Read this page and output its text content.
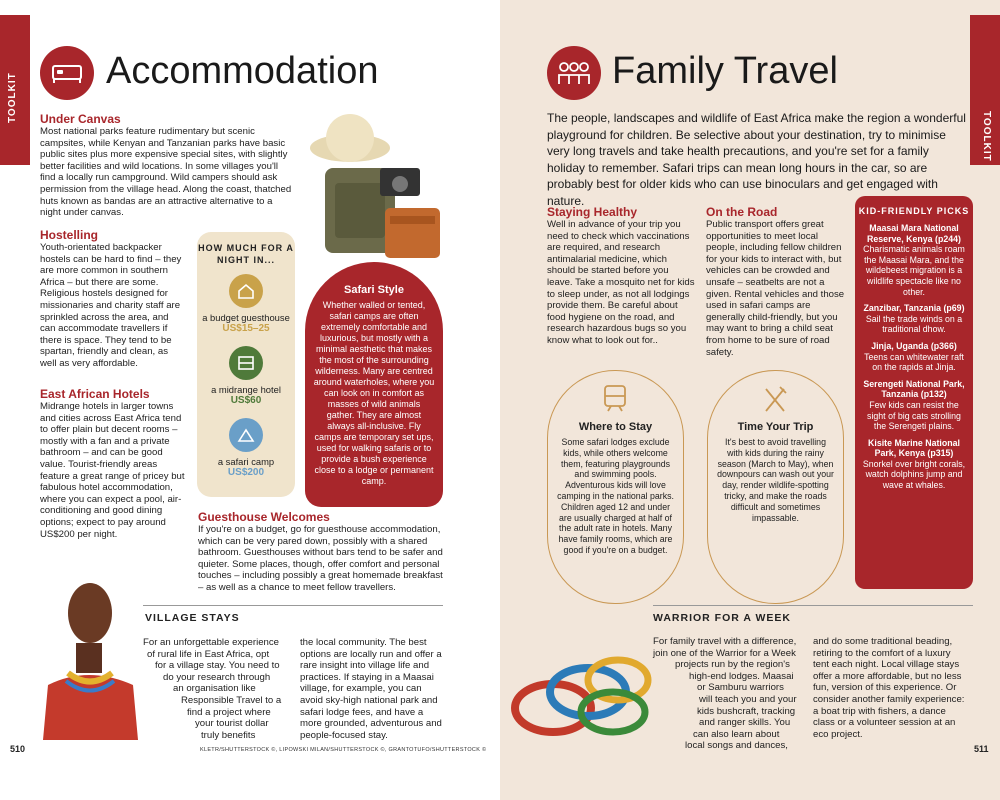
TOOLKIT
Accommodation
Under Canvas
Most national parks feature rudimentary but scenic campsites, while Kenyan and Tanzanian parks have basic public sites plus more expensive special sites, with slightly better facilities and wild locations. In some villages you'll find a locally run campground. Wild campers should ask permission from the village head. Along the coast, thatched huts known as bandas are an attractive alternative to a night under canvas.
Hostelling
Youth-orientated backpacker hostels can be hard to find – they are more common in southern Africa – but there are some. Religious hostels designed for missionaries and charity staff are sprinkled across the area, and can accommodate travellers if there is space. They tend to be spartan, friendly and clean, as well as very affordable.
East African Hotels
Midrange hotels in larger towns and cities across East Africa tend to offer plain but decent rooms – mostly with a fan and a private bathroom – and can be good value. Tourist-friendly areas feature a great range of pricey but fabulous hotel accommodation, where you can expect a pool, air-conditioning and good dining options; expect to pay around US$200 per night.
HOW MUCH FOR A NIGHT IN...
a budget guesthouse
US$15–25
a midrange hotel
US$60
a safari camp
US$200
Safari Style
Whether walled or tented, safari camps are often extremely comfortable and luxurious, but mostly with a minimal aesthetic that makes the most of the surrounding wilderness. Many are centred around waterholes, where you can look on in comfort as masses of wild animals gather. They are almost always all-inclusive. Fly camps are temporary set ups, used for walking safaris or to provide a bush experience close to a lodge or permanent camp.
Guesthouse Welcomes
If you're on a budget, go for guesthouse accommodation, which can be very pared down, possibly with a shared bathroom. Guesthouses without bars tend to be safer and quieter. Some places, though, offer comfort and personal touches – including possibly a great homemade breakfast – as well as a chance to meet fellow travellers.
VILLAGE STAYS
For an unforgettable experience
of rural life in East Africa, opt
for a village stay. You need to
do your research through
an organisation like
Responsible Travel to a
find a project where
your tourist dollar
truly benefits
the local community. The best options are locally run and offer a rare insight into village life and practices. If staying in a Maasai village, for example, you can avoid sky-high national park and safari lodge fees, and have a more grounded, adventurous and people-focused stay.
510	KLETR/SHUTTERSTOCK ©, LIPOWSKI MILAN/SHUTTERSTOCK ©, GRANTOTUFO/SHUTTERSTOCK ©
TOOLKIT
Family Travel
The people, landscapes and wildlife of East Africa make the region a wonderful playground for children. Be selective about your destination, try to minimise very long travels and take health precautions, and you're set for a family holiday to remember. Safari trips can mean long hours in the car, so are probably best for older kids who can use binoculars and get engaged with nature.
Staying Healthy
Well in advance of your trip you need to check which vaccinations are required, and research antimalarial medicine, which should be started before you leave. Take a mosquito net for kids to sleep under, as not all lodgings provide them. Be careful about food hygiene on the road, and research hazardous bugs so you know what to look out for..
On the Road
Public transport offers great opportunities to meet local people, including fellow children for your kids to interact with, but vehicles can be crowded and unsafe – seatbelts are not a given. Rental vehicles and those used in safari camps are generally child-friendly, but you may want to bring a child seat from home to be sure of road safety.
Where to Stay
Some safari lodges exclude kids, while others welcome them, featuring playgrounds and swimming pools. Adventurous kids will love camping in the national parks. Children aged 12 and under are usually charged at half of the adult rate in hotels. Many have family rooms, which are good if you're on a budget.
Time Your Trip
It's best to avoid travelling with kids during the rainy season (March to May), when downpours can wash out your day, render wildlife-spotting tricky, and make the roads difficult and sometimes impassable.
WARRIOR FOR A WEEK
For family travel with a difference,
join one of the Warrior for a Week
projects run by the region's
high-end lodges. Maasai
or Samburu warriors
will teach you and your
kids bushcraft, tracking
and ranger skills. You
can also learn about
local songs and dances,
and do some traditional beading, retiring to the comfort of a luxury tent each night. Local village stays offer a more affordable, but no less fun, version of this experience. Or consider another family experience: a boat trip with fishers, a dance class or a volunteer session at an eco project.
511
KID-FRIENDLY PICKS
Maasai Mara National Reserve, Kenya (p244)
Charismatic animals roam the Maasai Mara, and the wildebeest migration is a wildlife spectacle like no other.
Zanzibar, Tanzania (p69)
Sail the trade winds on a traditional dhow.
Jinja, Uganda (p366)
Teens can whitewater raft on the rapids at Jinja.
Serengeti National Park, Tanzania (p132)
Few kids can resist the sight of big cats strolling the Serengeti plains.
Kisite Marine National Park, Kenya (p315)
Snorkel over bright corals, watch dolphins jump and wave at whales.
